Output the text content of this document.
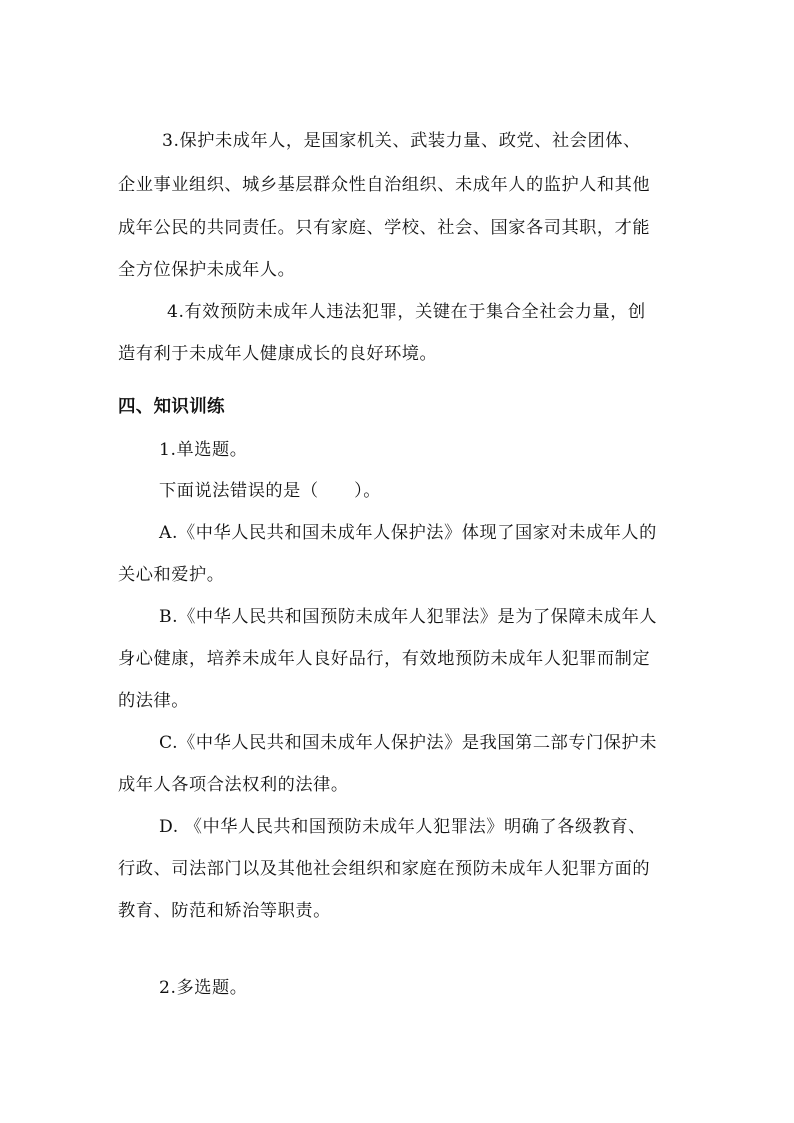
3.保护未成年人，是国家机关、武装力量、政党、社会团体、
企业事业组织、城乡基层群众性自治组织、未成年人的监护人和其他
成年公民的共同责任。只有家庭、学校、社会、国家各司其职，才能
全方位保护未成年人。
4.有效预防未成年人违法犯罪，关键在于集合全社会力量，创
造有利于未成年人健康成长的良好环境。
四、知识训练
1.单选题。
下面说法错误的是（　　）。
A.《中华人民共和国未成年人保护法》体现了国家对未成年人的
关心和爱护。
B.《中华人民共和国预防未成年人犯罪法》是为了保障未成年人
身心健康，培养未成年人良好品行，有效地预防未成年人犯罪而制定
的法律。
C.《中华人民共和国未成年人保护法》是我国第二部专门保护未
成年人各项合法权利的法律。
D. 《中华人民共和国预防未成年人犯罪法》明确了各级教育、
行政、司法部门以及其他社会组织和家庭在预防未成年人犯罪方面的
教育、防范和矫治等职责。
2.多选题。
